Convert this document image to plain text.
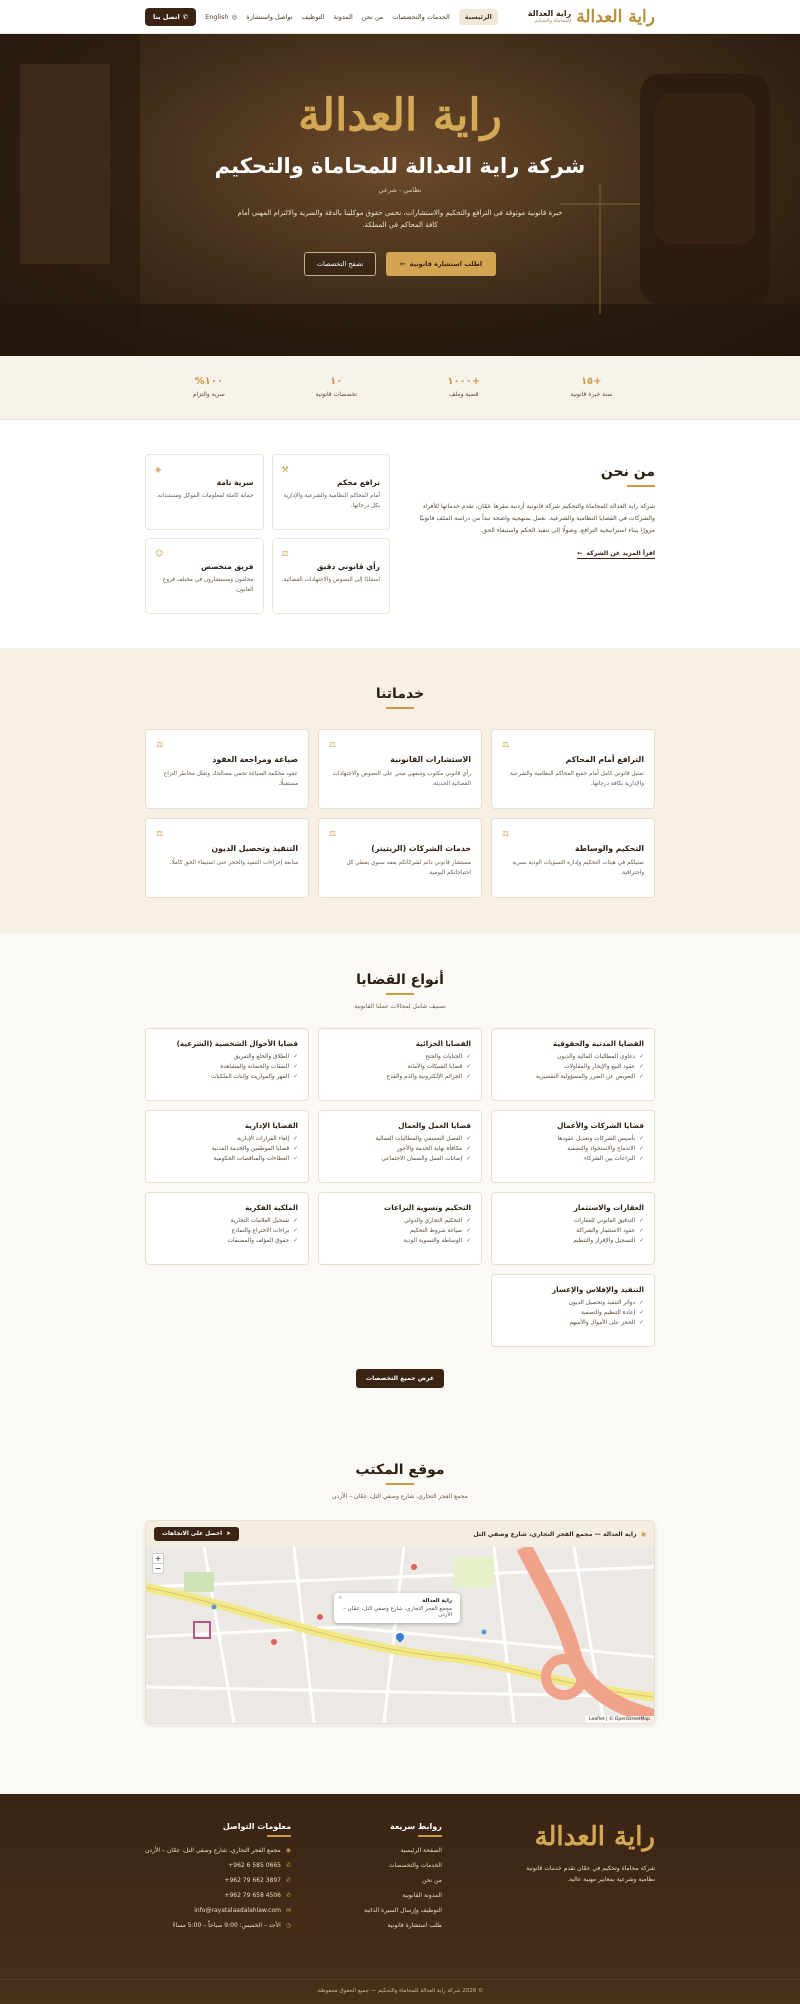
راية العدالة
راية العدالة
للمحاماة والتحكيم
الرئيسية
الخدمات والتخصصات
من نحن
المدونة
التوظيف
تواصل واستشارة
◎
English
✆
اتصل بنا
راية العدالة
شركة راية العدالة للمحاماة والتحكيم
نظامي - شرعي

خبرة قانونية موثوقة في الترافع والتحكيم والاستشارات، نحمي حقوق موكلينا بالدقة والسرية والالتزام المهني أمام كافة المحاكم في المملكة.

اطلب استشارة قانونية
←
تصفح التخصصات
+١٥
سنة خبرة قانونية
+١٠٠٠
قضية وملف
١٠
تخصصات قانونية
١٠٠%
سرية والتزام
من نحن

شركة راية العدالة للمحاماة والتحكيم شركة قانونية أردنية مقرها عمّان، تقدم خدماتها للأفراد والشركات في القضايا النظامية والشرعية. نعمل بمنهجية واضحة تبدأ من دراسة الملف قانونيًا مرورًا ببناء استراتيجية الترافع، وصولًا إلى تنفيذ الحكم واستيفاء الحق.

اقرأ المزيد عن الشركة
←
⚒
ترافع محكم
أمام المحاكم النظامية والشرعية والإدارية بكل درجاتها.
◈
سرية تامة
حماية كاملة لمعلومات الموكل ومستنداته.
⚖
رأي قانوني دقيق
استنادًا إلى النصوص والاجتهادات القضائية.
☺
فريق متخصص
محامون ومستشارون في مختلف فروع القانون.
خدماتنا
⚖
الترافع أمام المحاكم
تمثيل قانوني كامل أمام جميع المحاكم النظامية والشرعية والإدارية بكافة درجاتها.
⚖
الاستشارات القانونية
رأي قانوني مكتوب وشفهي مبني على النصوص والاجتهادات القضائية الحديثة.
⚖
صياغة ومراجعة العقود
عقود محكمة الصياغة تحمي مصالحك وتقلل مخاطر النزاع مستقبلًا.
⚖
التحكيم والوساطة
تمثيلكم في هيئات التحكيم وإدارة التسويات الودية بسرية واحترافية.
⚖
خدمات الشركات (الريتينر)
مستشار قانوني دائم لشركاتكم بعقد سنوي يغطي كل احتياجاتكم اليومية.
⚖
التنفيذ وتحصيل الديون
متابعة إجراءات التنفيذ والحجز حتى استيفاء الحق كاملًا.
أنواع القضايا
تصنيف شامل لمجالات عملنا القانونية
القضايا المدنية والحقوقية
✓
دعاوى المطالبات المالية والديون
✓
عقود البيع والإيجار والمقاولات
✓
التعويض عن الضرر والمسؤولية التقصيرية
القضايا الجزائية
✓
الجنايات والجنح
✓
قضايا الشيكات والأمانة
✓
الجرائم الإلكترونية والذم والقدح
قضايا الأحوال الشخصية (الشرعية)
✓
الطلاق والخلع والتفريق
✓
النفقات والحضانة والمشاهدة
✓
المهر والمواريث وإثبات الملكيات
قضايا الشركات والأعمال
✓
تأسيس الشركات وتعديل عقودها
✓
الاندماج والاستحواذ والتصفية
✓
النزاعات بين الشركاء
قضايا العمل والعمال
✓
الفصل التعسفي والمطالبات العمالية
✓
مكافأة نهاية الخدمة والأجور
✓
إصابات العمل والضمان الاجتماعي
القضايا الإدارية
✓
إلغاء القرارات الإدارية
✓
قضايا الموظفين والخدمة المدنية
✓
العطاءات والمناقصات الحكومية
العقارات والاستثمار
✓
التدقيق القانوني للعقارات
✓
عقود الاستثمار والشراكة
✓
التسجيل والإفراز والتنظيم
التحكيم وتسوية النزاعات
✓
التحكيم التجاري والدولي
✓
صياغة شروط التحكيم
✓
الوساطة والتسوية الودية
الملكية الفكرية
✓
تسجيل العلامات التجارية
✓
براءات الاختراع والنماذج
✓
حقوق المؤلف والمصنفات
التنفيذ والإفلاس والإعسار
✓
دوائر التنفيذ وتحصيل الديون
✓
إعادة التنظيم والتصفية
✓
الحجز على الأموال والأسهم
عرض جميع التخصصات
موقع المكتب
مجمع الفجر التجاري، شارع وصفي التل، عمّان – الأردن
◉
راية العدالة — مجمع الفجر التجاري، شارع وصفي التل
➤
احصل على الاتجاهات
+
−
×	راية العدالة
مجمع الفجر التجاري، شارع وصفي التل، عمّان – الأردن
Leaflet | © OpenStreetMap
راية العدالة

شركة محاماة وتحكيم في عمّان تقدم خدمات قانونية نظامية وشرعية بمعايير مهنية عالية.

روابط سريعة
الصفحة الرئيسية
الخدمات والتخصصات
من نحن
المدونة القانونية
التوظيف وإرسال السيرة الذاتية
طلب استشارة قانونية
معلومات التواصل
◉
مجمع الفجر التجاري، شارع وصفي التل، عمّان – الأردن
✆
+962 6 585 0665
✆
+962 79 662 3897
✆
+962 79 658 4506
✉
info@rayatalaadalahlaw.com
◷
الأحد – الخميس: 9:00 صباحاً – 5:00 مساءً
© 2026 شركة راية العدالة للمحاماة والتحكيم — جميع الحقوق محفوظة.
